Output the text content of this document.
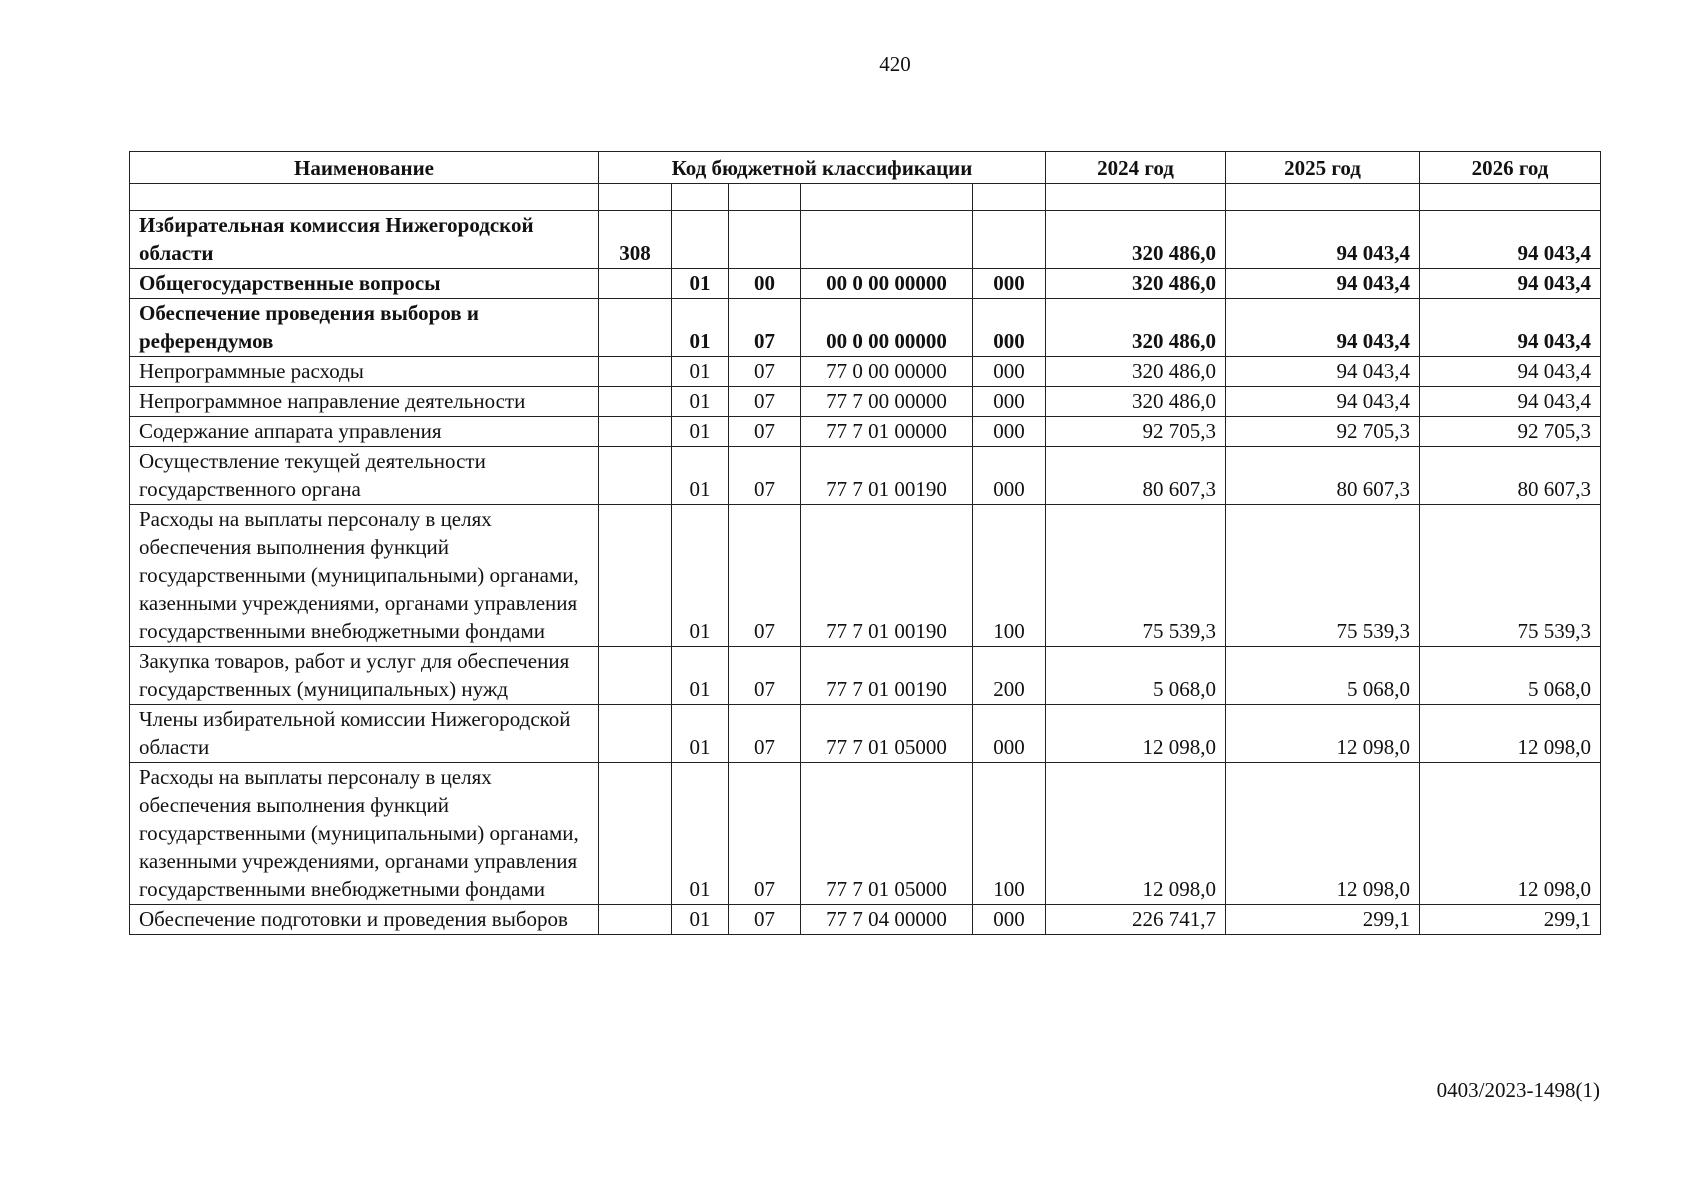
420
Наименование	Код бюджетной классификации					2024 год	2025 год	2026 год

Избирательная комиссия Нижегородской области	308					320 486,0	94 043,4	94 043,4
Общегосударственные вопросы		01	00	00 0 00 00000	000	320 486,0	94 043,4	94 043,4
Обеспечение проведения выборов и референдумов		01	07	00 0 00 00000	000	320 486,0	94 043,4	94 043,4
Непрограммные расходы		01	07	77 0 00 00000	000	320 486,0	94 043,4	94 043,4
Непрограммное направление деятельности		01	07	77 7 00 00000	000	320 486,0	94 043,4	94 043,4
Содержание аппарата управления		01	07	77 7 01 00000	000	92 705,3	92 705,3	92 705,3
Осуществление текущей деятельности государственного органа		01	07	77 7 01 00190	000	80 607,3	80 607,3	80 607,3
Расходы на выплаты персоналу в целях обеспечения выполнения функций государственными (муниципальными) органами, казенными учреждениями, органами управления государственными внебюджетными фондами		01	07	77 7 01 00190	100	75 539,3	75 539,3	75 539,3
Закупка товаров, работ и услуг для обеспечения государственных (муниципальных) нужд		01	07	77 7 01 00190	200	5 068,0	5 068,0	5 068,0
Члены избирательной комиссии Нижегородской области		01	07	77 7 01 05000	000	12 098,0	12 098,0	12 098,0
Расходы на выплаты персоналу в целях обеспечения выполнения функций государственными (муниципальными) органами, казенными учреждениями, органами управления государственными внебюджетными фондами		01	07	77 7 01 05000	100	12 098,0	12 098,0	12 098,0
Обеспечение подготовки и проведения выборов		01	07	77 7 04 00000	000	226 741,7	299,1	299,1
0403/2023-1498(1)
